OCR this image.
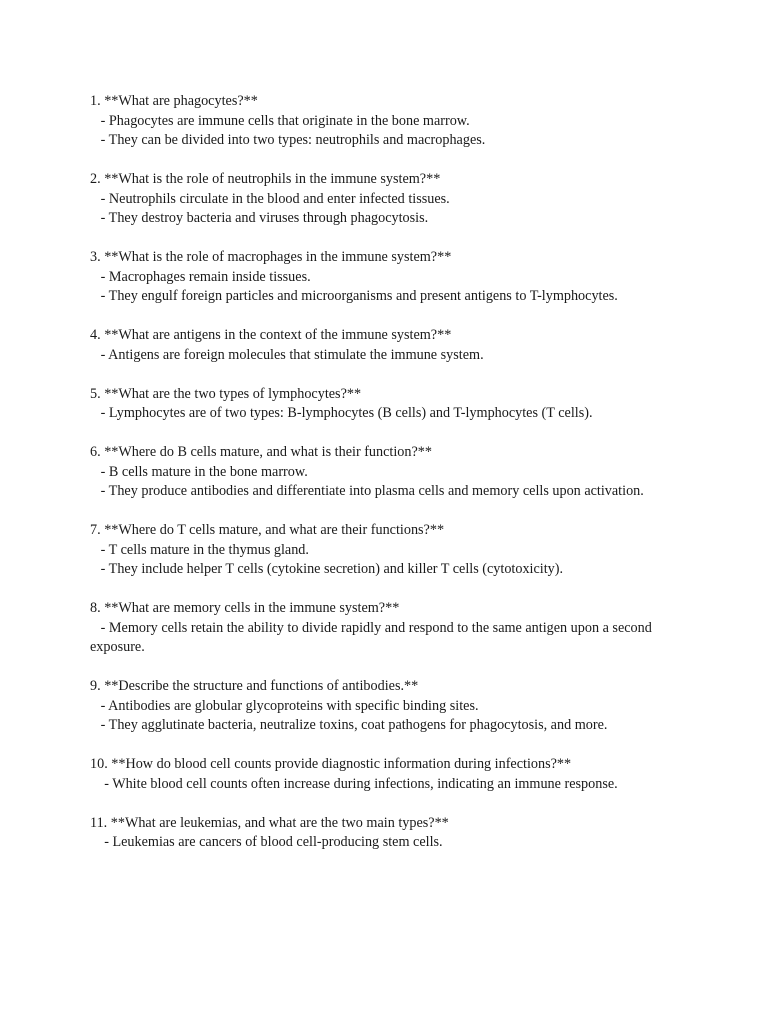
1. **What are phagocytes?**
- Phagocytes are immune cells that originate in the bone marrow.
- They can be divided into two types: neutrophils and macrophages.
2. **What is the role of neutrophils in the immune system?**
- Neutrophils circulate in the blood and enter infected tissues.
- They destroy bacteria and viruses through phagocytosis.
3. **What is the role of macrophages in the immune system?**
- Macrophages remain inside tissues.
- They engulf foreign particles and microorganisms and present antigens to T-lymphocytes.
4. **What are antigens in the context of the immune system?**
- Antigens are foreign molecules that stimulate the immune system.
5. **What are the two types of lymphocytes?**
- Lymphocytes are of two types: B-lymphocytes (B cells) and T-lymphocytes (T cells).
6. **Where do B cells mature, and what is their function?**
- B cells mature in the bone marrow.
- They produce antibodies and differentiate into plasma cells and memory cells upon activation.
7. **Where do T cells mature, and what are their functions?**
- T cells mature in the thymus gland.
- They include helper T cells (cytokine secretion) and killer T cells (cytotoxicity).
8. **What are memory cells in the immune system?**
- Memory cells retain the ability to divide rapidly and respond to the same antigen upon a second exposure.
9. **Describe the structure and functions of antibodies.**
- Antibodies are globular glycoproteins with specific binding sites.
- They agglutinate bacteria, neutralize toxins, coat pathogens for phagocytosis, and more.
10. **How do blood cell counts provide diagnostic information during infections?**
- White blood cell counts often increase during infections, indicating an immune response.
11. **What are leukemias, and what are the two main types?**
- Leukemias are cancers of blood cell-producing stem cells.
